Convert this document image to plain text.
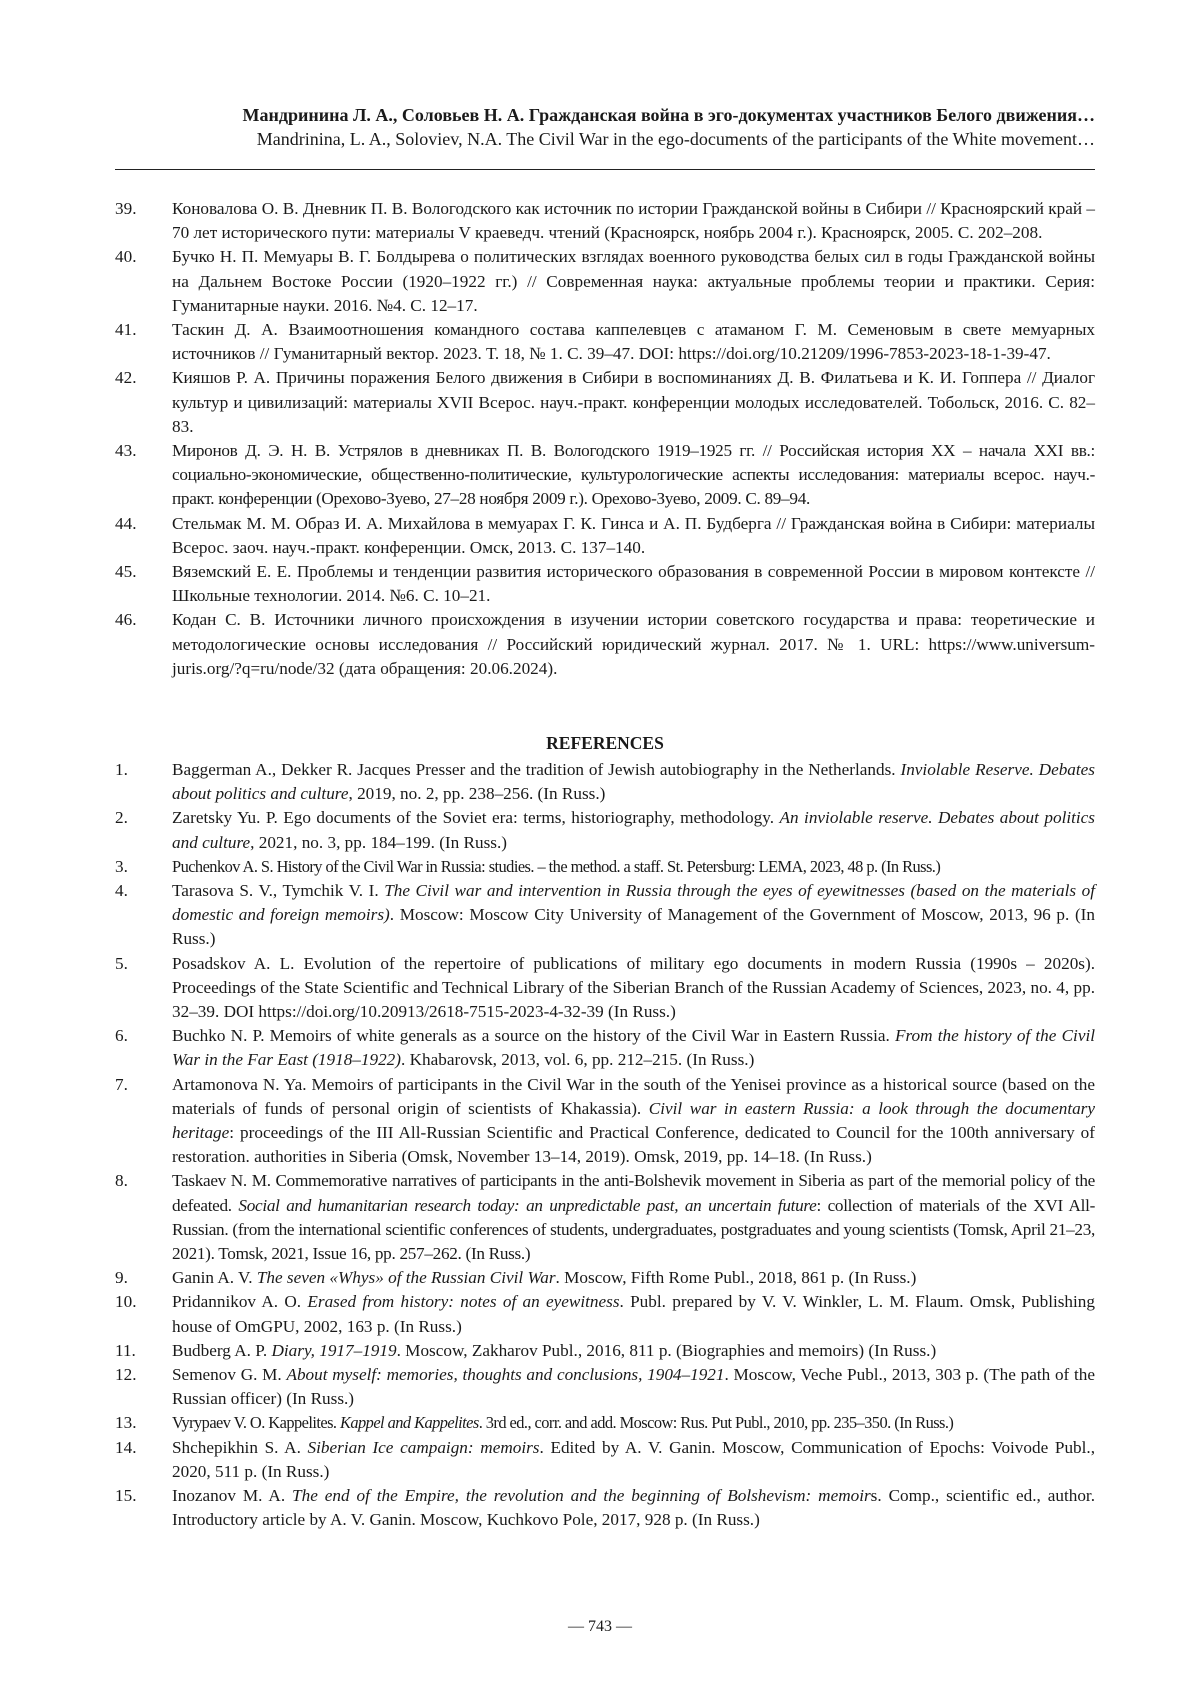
Мандринина Л. А., Соловьев Н. А. Гражданская война в эго-документах участников Белого движения…
Mandrinina, L. A., Soloviev, N.A. The Civil War in the ego-documents of the participants of the White movement…
39.	Коновалова О. В. Дневник П. В. Вологодского как источник по истории Гражданской войны в Сибири // Красноярский край – 70 лет исторического пути: материалы V краеведч. чтений (Красноярск, ноябрь 2004 г.). Красноярск, 2005. С. 202–208.
40.	Бучко Н. П. Мемуары В. Г. Болдырева о политических взглядах военного руководства белых сил в годы Гражданской войны на Дальнем Востоке России (1920–1922 гг.) // Современная наука: актуальные проблемы теории и практики. Серия: Гуманитарные науки. 2016. №4. С. 12–17.
41.	Таскин Д. А. Взаимоотношения командного состава каппелевцев с атаманом Г. М. Семеновым в свете мемуарных источников // Гуманитарный вектор. 2023. Т. 18, № 1. С. 39–47. DOI: https://doi.org/10.21209/1996-7853-2023-18-1-39-47.
42.	Кияшов Р. А. Причины поражения Белого движения в Сибири в воспоминаниях Д. В. Филатьева и К. И. Гоппера // Диалог культур и цивилизаций: материалы XVII Всерос. науч.-практ. конференции молодых исследователей. Тобольск, 2016. С. 82–83.
43.	Миронов Д. Э. Н. В. Устрялов в дневниках П. В. Вологодского 1919–1925 гг. // Российская история ХХ – начала XXI вв.: социально-экономические, общественно-политические, культурологические аспекты исследования: материалы всерос. науч.-практ. конференции (Орехово-Зуево, 27–28 ноября 2009 г.). Орехово-Зуево, 2009. С. 89–94.
44.	Стельмак М. М. Образ И. А. Михайлова в мемуарах Г. К. Гинса и А. П. Будберга // Гражданская война в Сибири: материалы Всерос. заоч. науч.-практ. конференции. Омск, 2013. С. 137–140.
45.	Вяземский Е. Е. Проблемы и тенденции развития исторического образования в современной России в мировом контексте // Школьные технологии. 2014. №6. С. 10–21.
46.	Кодан С. В. Источники личного происхождения в изучении истории советского государства и права: теоретические и методологические основы исследования // Российский юридический журнал. 2017. № 1. URL: https://www.universum-juris.org/?q=ru/node/32 (дата обращения: 20.06.2024).
REFERENCES
1.	Baggerman A., Dekker R. Jacques Presser and the tradition of Jewish autobiography in the Netherlands. Inviolable Reserve. Debates about politics and culture, 2019, no. 2, pp. 238–256. (In Russ.)
2.	Zaretsky Yu. P. Ego documents of the Soviet era: terms, historiography, methodology. An inviolable reserve. Debates about politics and culture, 2021, no. 3, pp. 184–199. (In Russ.)
3.	Puchenkov A. S. History of the Civil War in Russia: studies. – the method. a staff. St. Petersburg: LEMA, 2023, 48 p. (In Russ.)
4.	Tarasova S. V., Tymchik V. I. The Civil war and intervention in Russia through the eyes of eyewitnesses (based on the materials of domestic and foreign memoirs). Moscow: Moscow City University of Management of the Government of Moscow, 2013, 96 p. (In Russ.)
5.	Posadskov A. L. Evolution of the repertoire of publications of military ego documents in modern Russia (1990s – 2020s). Proceedings of the State Scientific and Technical Library of the Siberian Branch of the Russian Academy of Sciences, 2023, no. 4, pp. 32–39. DOI https://doi.org/10.20913/2618-7515-2023-4-32-39 (In Russ.)
6.	Buchko N. P. Memoirs of white generals as a source on the history of the Civil War in Eastern Russia. From the history of the Civil War in the Far East (1918–1922). Khabarovsk, 2013, vol. 6, pp. 212–215. (In Russ.)
7.	Artamonova N. Ya. Memoirs of participants in the Civil War in the south of the Yenisei province as a historical source (based on the materials of funds of personal origin of scientists of Khakassia). Civil war in eastern Russia: a look through the documentary heritage: proceedings of the III All-Russian Scientific and Practical Conference, dedicated to Council for the 100th anniversary of restoration. authorities in Siberia (Omsk, November 13–14, 2019). Omsk, 2019, pp. 14–18. (In Russ.)
8.	Taskaev N. M. Commemorative narratives of participants in the anti-Bolshevik movement in Siberia as part of the memorial policy of the defeated. Social and humanitarian research today: an unpredictable past, an uncertain future: collection of materials of the XVI All-Russian. (from the international scientific conferences of students, undergraduates, postgraduates and young scientists (Tomsk, April 21–23, 2021). Tomsk, 2021, Issue 16, pp. 257–262. (In Russ.)
9.	Ganin A. V. The seven «Whys» of the Russian Civil War. Moscow, Fifth Rome Publ., 2018, 861 p. (In Russ.)
10.	Pridannikov A. O. Erased from history: notes of an eyewitness. Publ. prepared by V. V. Winkler, L. M. Flaum. Omsk, Publishing house of OmGPU, 2002, 163 p. (In Russ.)
11.	Budberg A. P. Diary, 1917–1919. Moscow, Zakharov Publ., 2016, 811 p. (Biographies and memoirs) (In Russ.)
12.	Semenov G. M. About myself: memories, thoughts and conclusions, 1904–1921. Moscow, Veche Publ., 2013, 303 p. (The path of the Russian officer) (In Russ.)
13.	Vyrypaev V. O. Kappelites. Kappel and Kappelites. 3rd ed., corr. and add. Moscow: Rus. Put Publ., 2010, pp. 235–350. (In Russ.)
14.	Shchepikhin S. A. Siberian Ice campaign: memoirs. Edited by A. V. Ganin. Moscow, Communication of Epochs: Voivode Publ., 2020, 511 p. (In Russ.)
15.	Inozanov M. A. The end of the Empire, the revolution and the beginning of Bolshevism: memoirs. Comp., scientific ed., author. Introductory article by A. V. Ganin. Moscow, Kuchkovo Pole, 2017, 928 p. (In Russ.)
— 743 —
